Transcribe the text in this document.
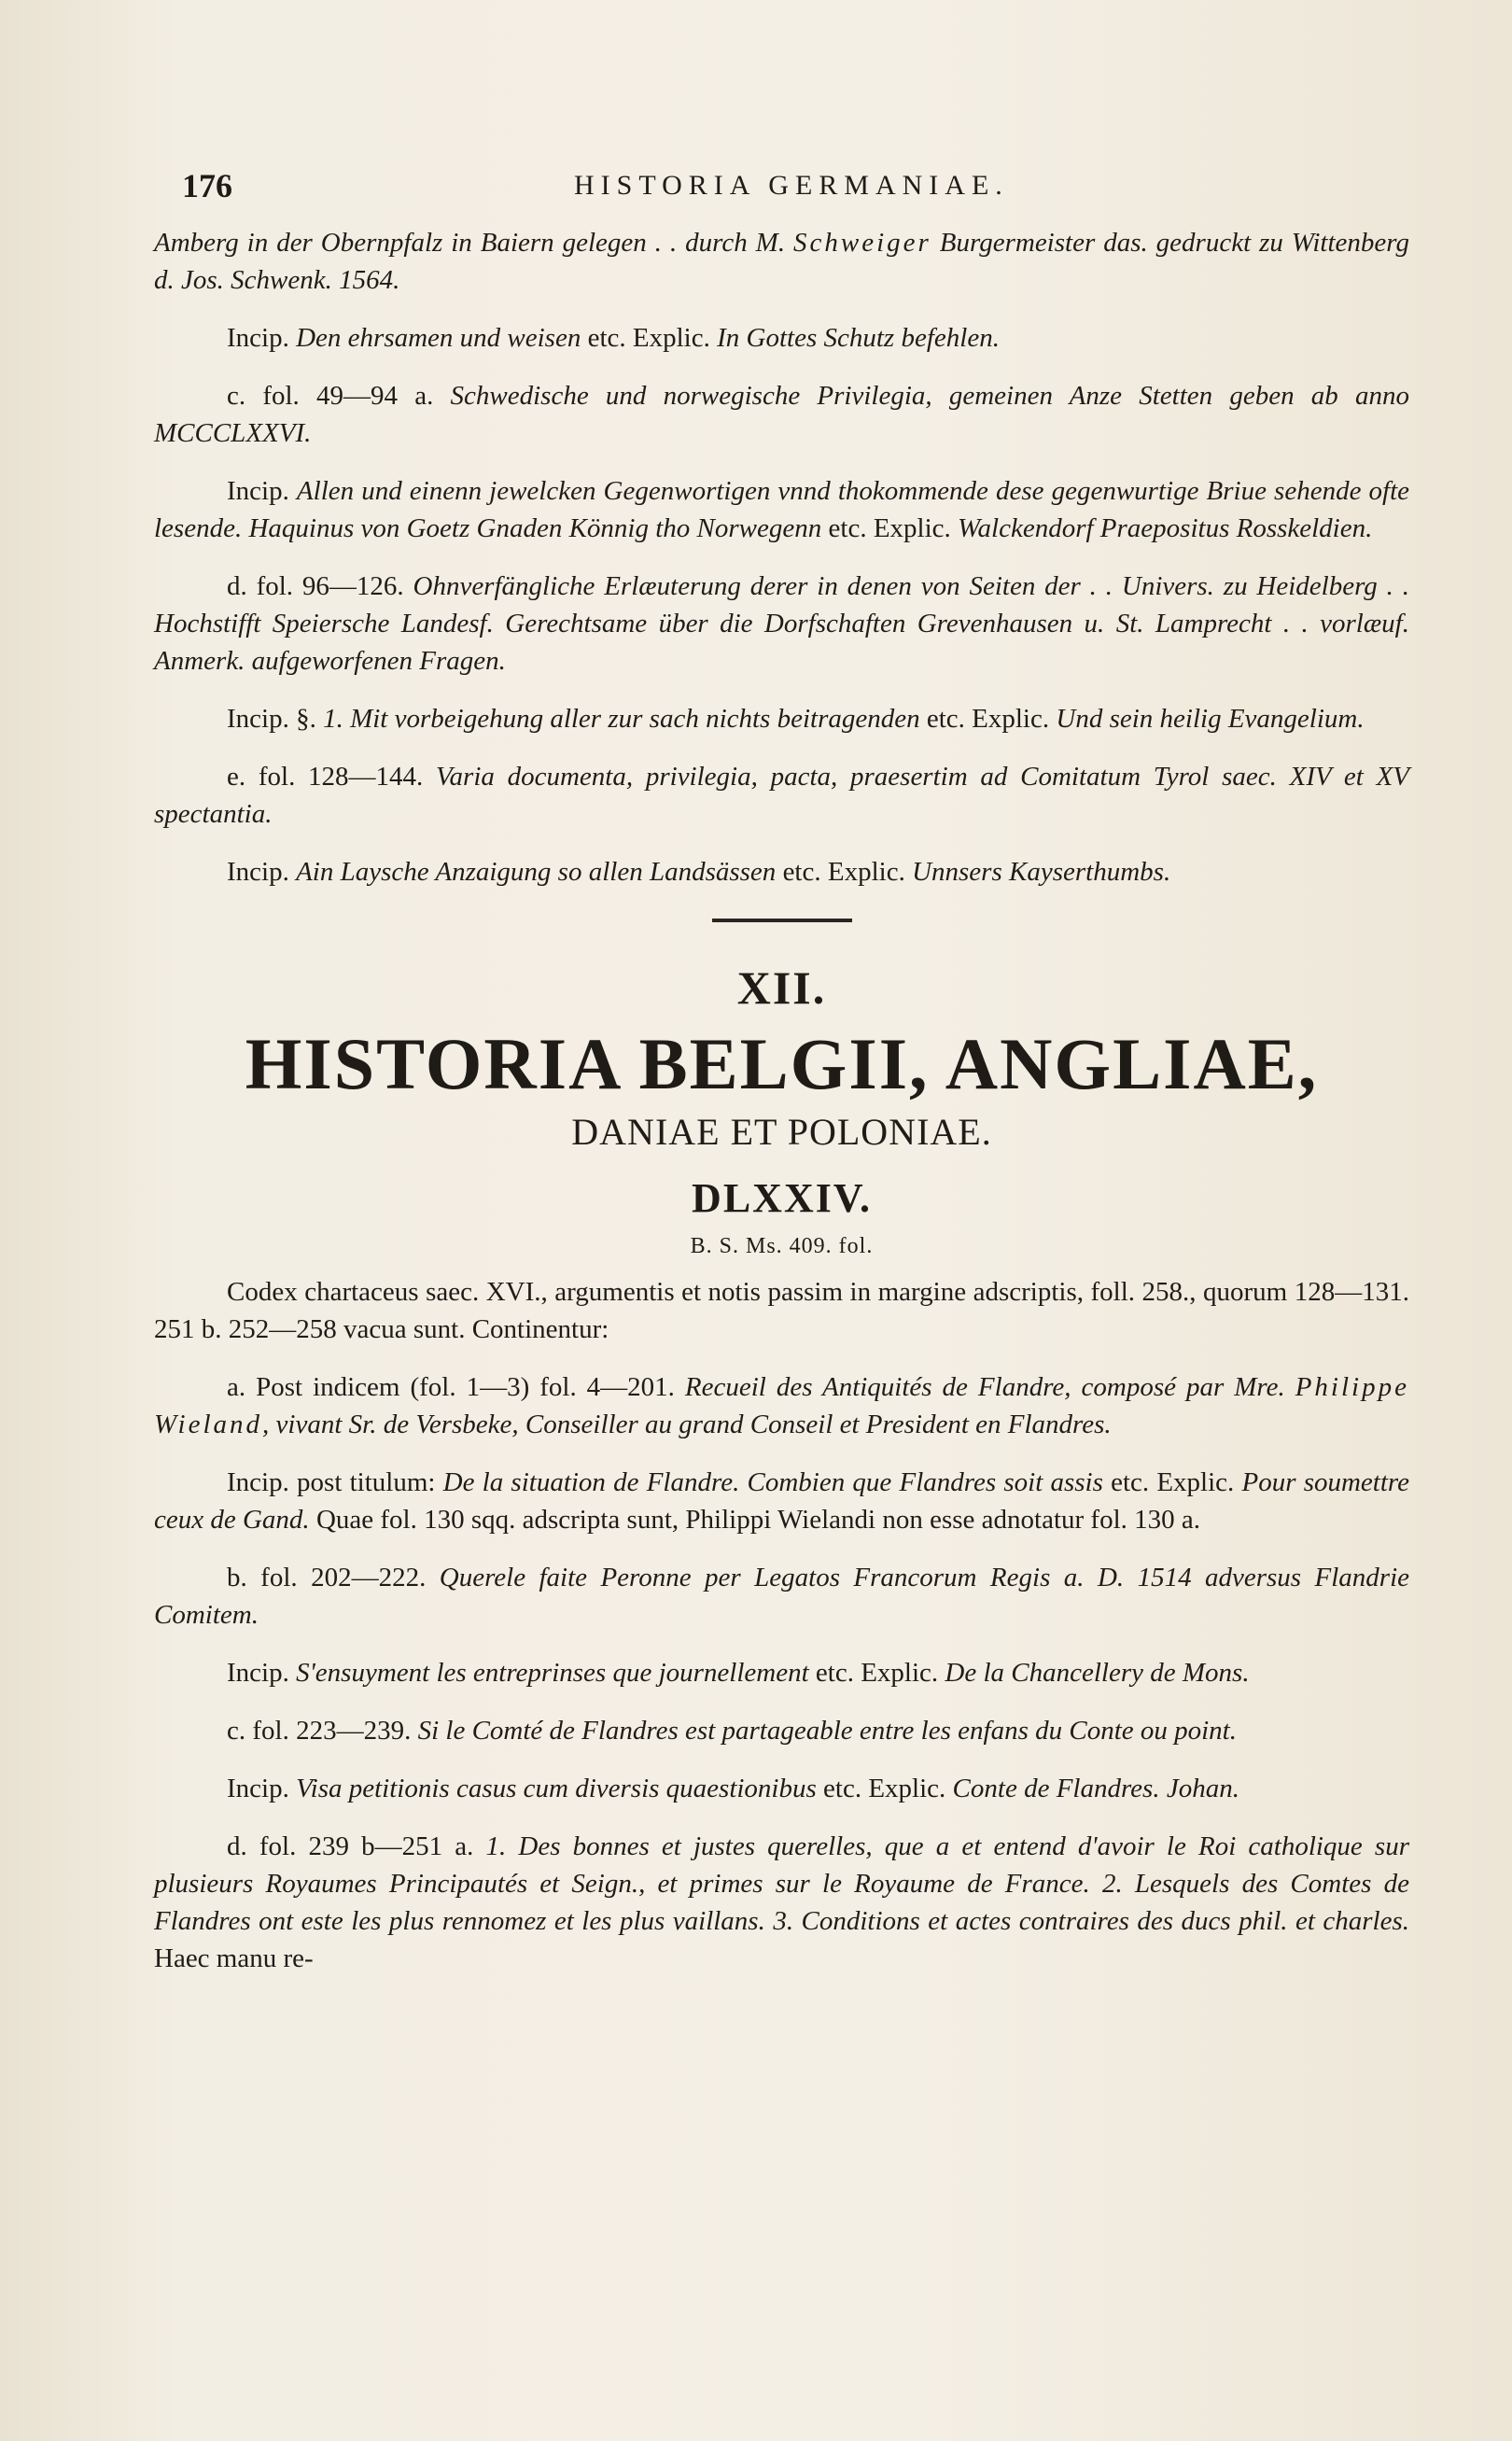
176	HISTORIA GERMANIAE.

Amberg in der Obernpfalz in Baiern gelegen . . durch M. Schweiger Burgermeister das. gedruckt zu Wittenberg d. Jos. Schwenk. 1564.

Incip. Den ehrsamen und weisen etc. Explic. In Gottes Schutz befehlen.

c. fol. 49—94 a. Schwedische und norwegische Privilegia, gemeinen Anze Stetten geben ab anno MCCCLXXVI.

Incip. Allen und einenn jewelcken Gegenwortigen vnnd thokommende dese gegenwurtige Briue sehende ofte lesende. Haquinus von Goetz Gnaden Könnig tho Norwegenn etc. Explic. Walckendorf Praepositus Rosskeldien.

d. fol. 96—126. Ohnverfängliche Erlæuterung derer in denen von Seiten der . . Univers. zu Heidelberg . . Hochstifft Speiersche Landesf. Gerechtsame über die Dorfschaften Grevenhausen u. St. Lamprecht . . vorlæuf. Anmerk. aufgeworfenen Fragen.

Incip. §. 1. Mit vorbeigehung aller zur sach nichts beitragenden etc. Explic. Und sein heilig Evangelium.

e. fol. 128—144. Varia documenta, privilegia, pacta, praesertim ad Comitatum Tyrol saec. XIV et XV spectantia.

Incip. Ain Laysche Anzaigung so allen Landsässen etc. Explic. Unnsers Kayserthumbs.

XII.

HISTORIA BELGII, ANGLIAE,

DANIAE ET POLONIAE.

DLXXIV.

B. S. Ms. 409. fol.

Codex chartaceus saec. XVI., argumentis et notis passim in margine adscriptis, foll. 258., quorum 128—131. 251 b. 252—258 vacua sunt. Continentur:

a. Post indicem (fol. 1—3) fol. 4—201. Recueil des Antiquités de Flandre, composé par Mre. Philippe Wieland, vivant Sr. de Versbeke, Conseiller au grand Conseil et President en Flandres.

Incip. post titulum: De la situation de Flandre. Combien que Flandres soit assis etc. Explic. Pour soumettre ceux de Gand. Quae fol. 130 sqq. adscripta sunt, Philippi Wielandi non esse adnotatur fol. 130 a.

b. fol. 202—222. Querele faite Peronne per Legatos Francorum Regis a. D. 1514 adversus Flandrie Comitem.

Incip. S'ensuyment les entreprinses que journellement etc. Explic. De la Chancellery de Mons.

c. fol. 223—239. Si le Comté de Flandres est partageable entre les enfans du Conte ou point.

Incip. Visa petitionis casus cum diversis quaestionibus etc. Explic. Conte de Flandres. Johan.

d. fol. 239 b—251 a. 1. Des bonnes et justes querelles, que a et entend d'avoir le Roi catholique sur plusieurs Royaumes Principautés et Seign., et primes sur le Royaume de France. 2. Lesquels des Comtes de Flandres ont este les plus rennomez et les plus vaillans. 3. Conditions et actes contraires des ducs phil. et charles. Haec manu re-
